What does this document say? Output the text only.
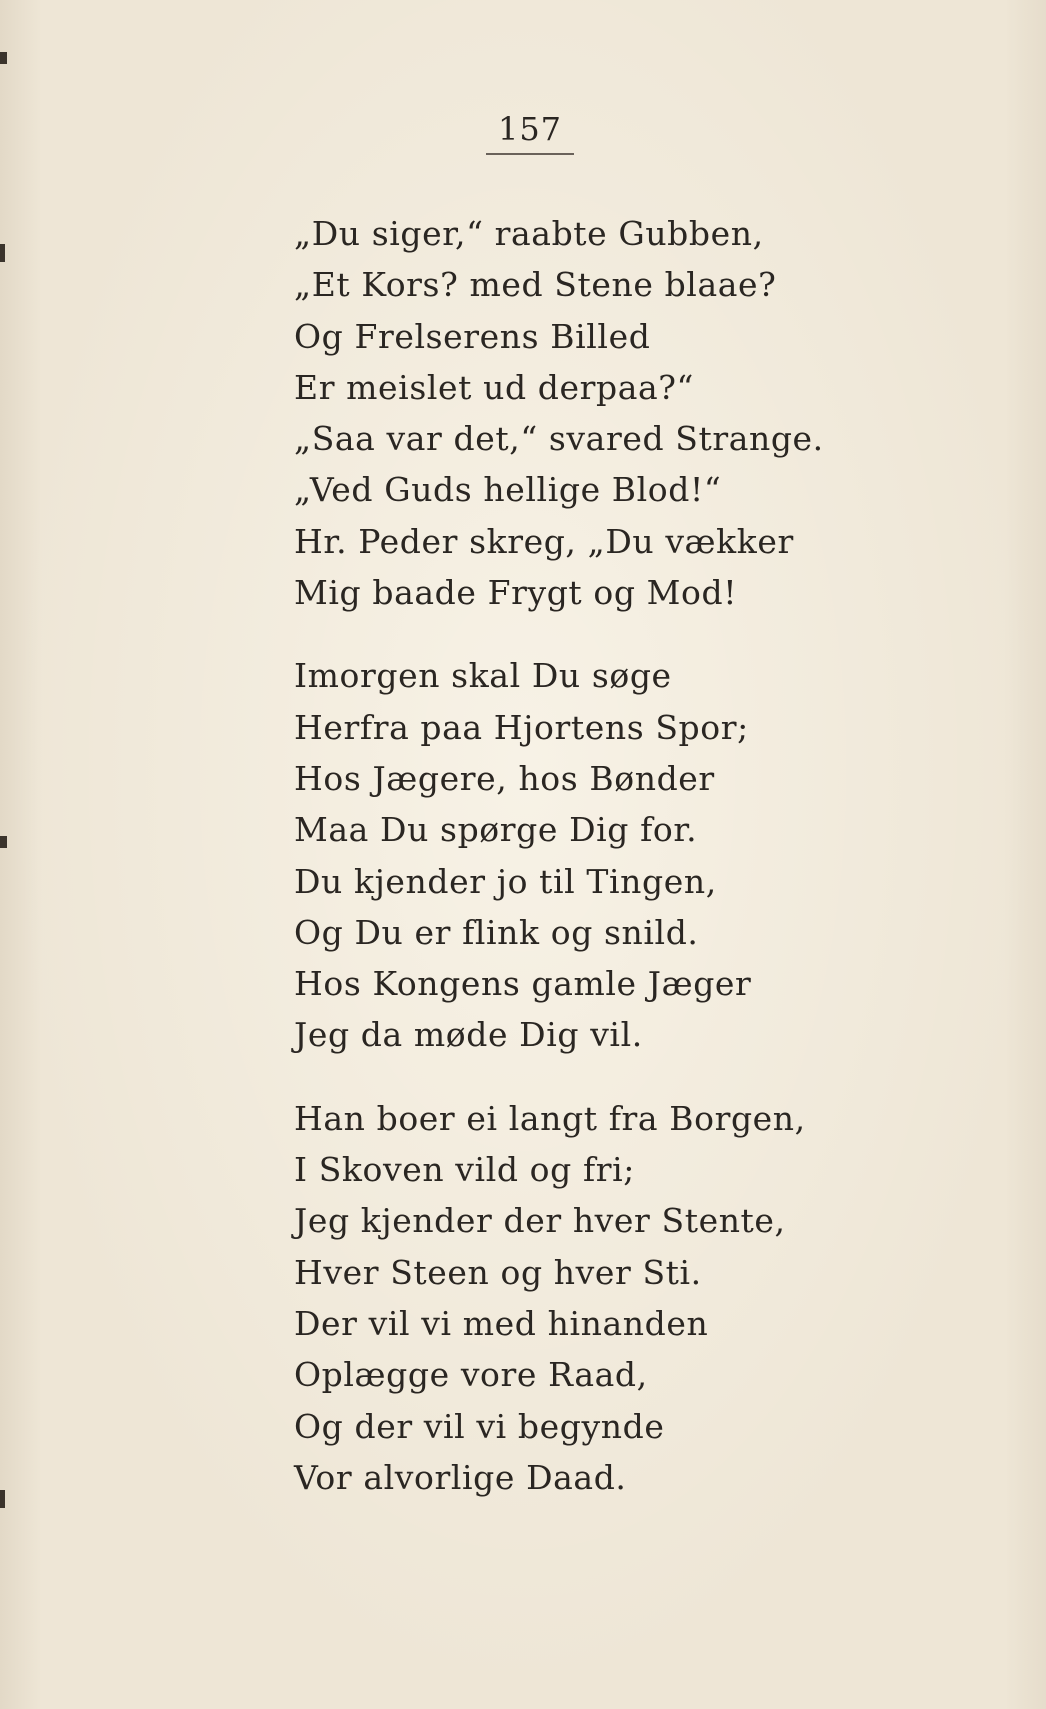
157
„Du siger,“ raabte Gubben,
„Et Kors? med Stene blaae?
Og Frelserens Billed
Er meislet ud derpaa?“
„Saa var det,“ svared Strange.
„Ved Guds hellige Blod!“
Hr. Peder skreg, „Du vækker
Mig baade Frygt og Mod!
Imorgen skal Du søge
Herfra paa Hjortens Spor;
Hos Jægere, hos Bønder
Maa Du spørge Dig for.
Du kjender jo til Tingen,
Og Du er flink og snild.
Hos Kongens gamle Jæger
Jeg da møde Dig vil.
Han boer ei langt fra Borgen,
I Skoven vild og fri;
Jeg kjender der hver Stente,
Hver Steen og hver Sti.
Der vil vi med hinanden
Oplægge vore Raad,
Og der vil vi begynde
Vor alvorlige Daad.
